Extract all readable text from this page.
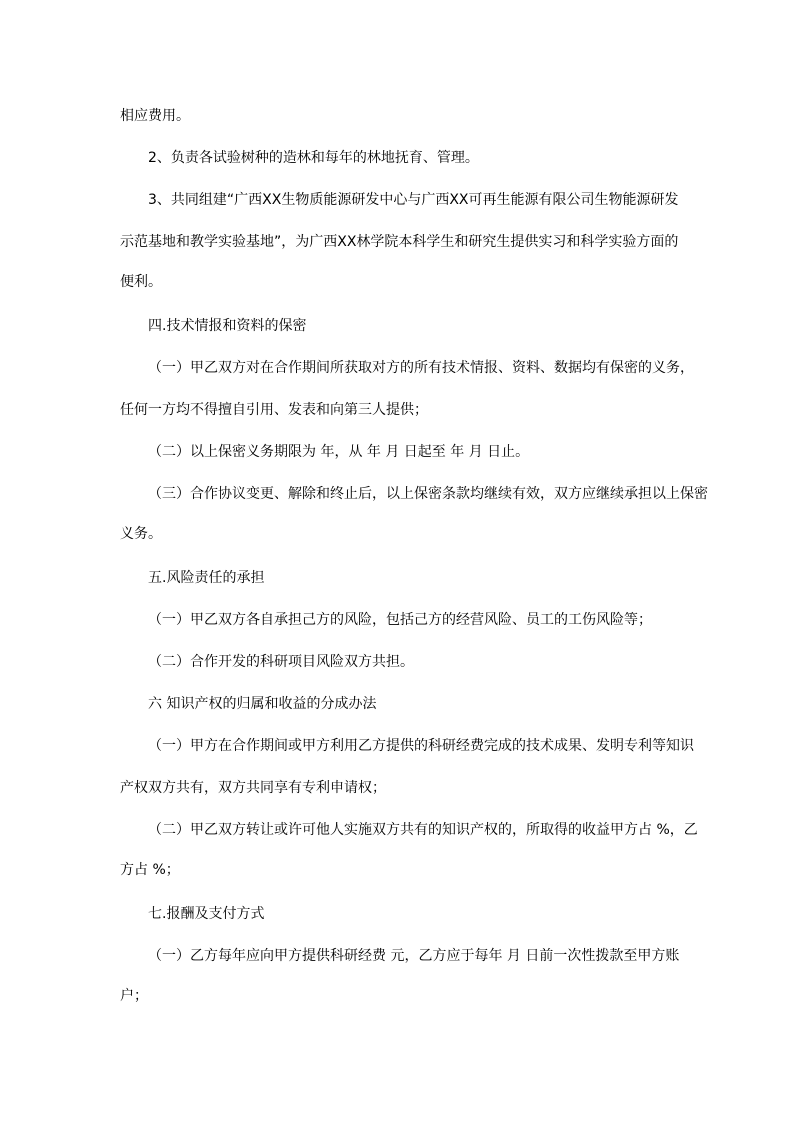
相应费用。
2、负责各试验树种的造林和每年的林地抚育、管理。
3、共同组建“广西XX生物质能源研发中心与广西XX可再生能源有限公司生物能源研发
示范基地和教学实验基地”，为广西XX林学院本科学生和研究生提供实习和科学实验方面的
便利。
四.技术情报和资料的保密
（一）甲乙双方对在合作期间所获取对方的所有技术情报、资料、数据均有保密的义务，
任何一方均不得擅自引用、发表和向第三人提供；
（二）以上保密义务期限为 年，从 年 月 日起至 年 月 日止。
（三）合作协议变更、解除和终止后，以上保密条款均继续有效，双方应继续承担以上保密
义务。
五.风险责任的承担
（一）甲乙双方各自承担己方的风险，包括己方的经营风险、员工的工伤风险等；
（二）合作开发的科研项目风险双方共担。
六 知识产权的归属和收益的分成办法
（一）甲方在合作期间或甲方利用乙方提供的科研经费完成的技术成果、发明专利等知识
产权双方共有，双方共同享有专利申请权；
（二）甲乙双方转让或许可他人实施双方共有的知识产权的，所取得的收益甲方占 %，乙
方占 %；
七.报酬及支付方式
（一）乙方每年应向甲方提供科研经费 元，乙方应于每年 月 日前一次性拨款至甲方账
户；
